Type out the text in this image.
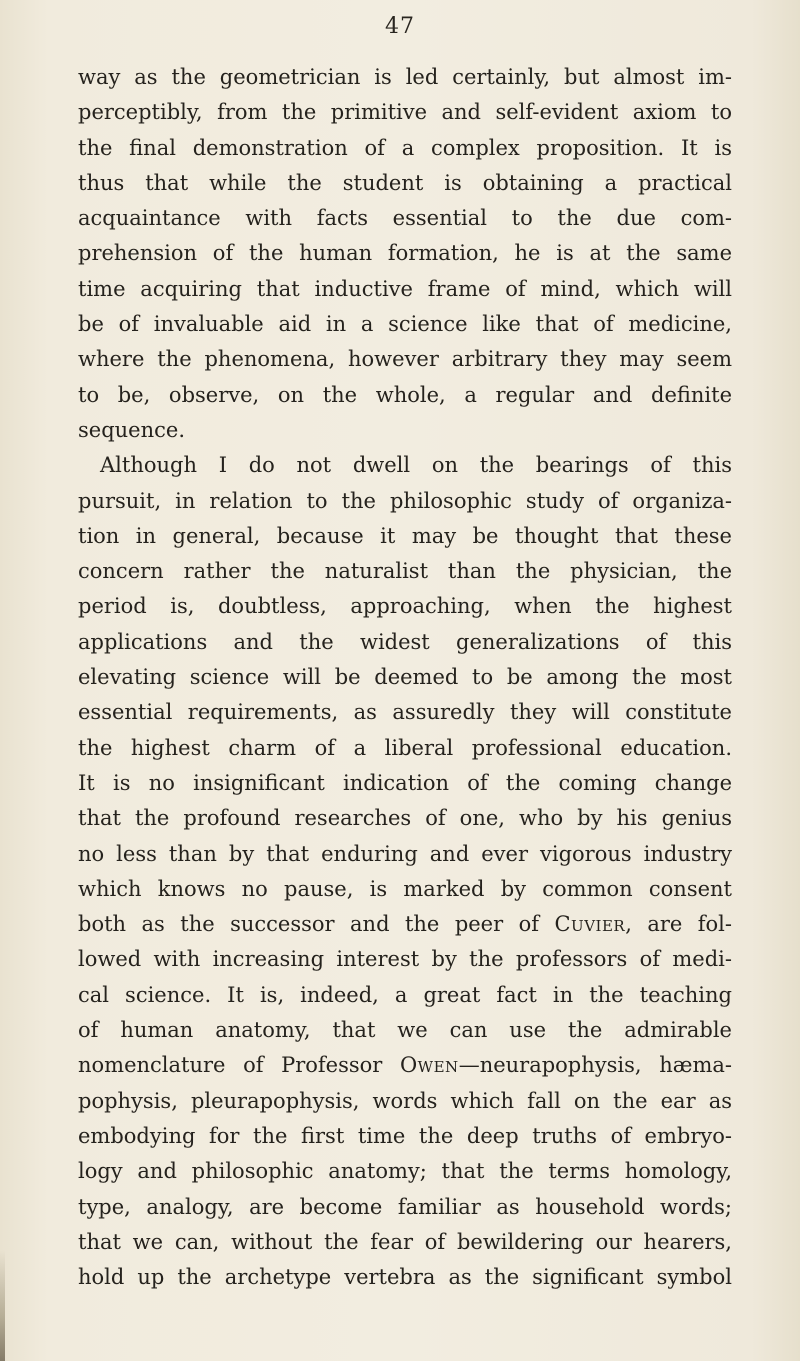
47
way as the geometrician is led certainly, but almost im-
perceptibly, from the primitive and self-evident axiom to
the final demonstration of a complex proposition. It is
thus that while the student is obtaining a practical
acquaintance with facts essential to the due com-
prehension of the human formation, he is at the same
time acquiring that inductive frame of mind, which will
be of invaluable aid in a science like that of medicine,
where the phenomena, however arbitrary they may seem
to be, observe, on the whole, a regular and definite
sequence.
Although I do not dwell on the bearings of this
pursuit, in relation to the philosophic study of organiza-
tion in general, because it may be thought that these
concern rather the naturalist than the physician, the
period is, doubtless, approaching, when the highest
applications and the widest generalizations of this
elevating science will be deemed to be among the most
essential requirements, as assuredly they will constitute
the highest charm of a liberal professional education.
It is no insignificant indication of the coming change
that the profound researches of one, who by his genius
no less than by that enduring and ever vigorous industry
which knows no pause, is marked by common consent
both as the successor and the peer of Cuvier, are fol-
lowed with increasing interest by the professors of medi-
cal science. It is, indeed, a great fact in the teaching
of human anatomy, that we can use the admirable
nomenclature of Professor Owen—neurapophysis, hæma-
pophysis, pleurapophysis, words which fall on the ear as
embodying for the first time the deep truths of embryo-
logy and philosophic anatomy; that the terms homology,
type, analogy, are become familiar as household words;
that we can, without the fear of bewildering our hearers,
hold up the archetype vertebra as the significant symbol
